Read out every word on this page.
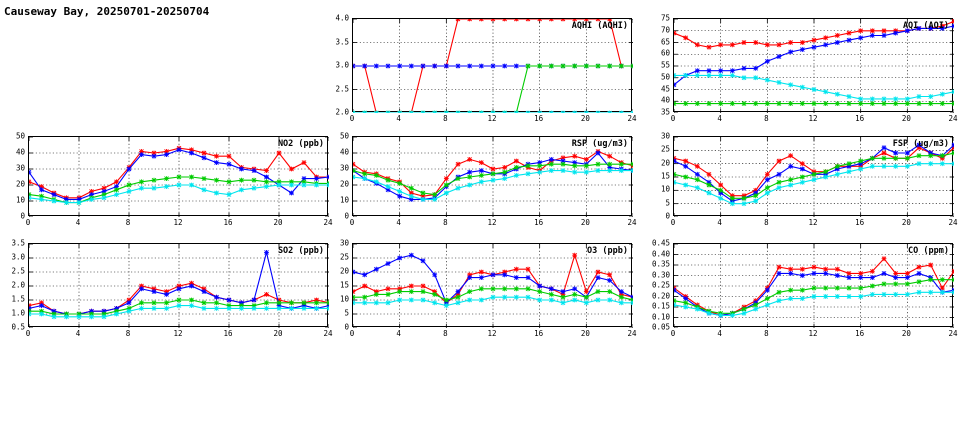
Causeway Bay, 20250701-20250704
AQHI (AQHI)
2.0
2.5
3.0
3.5
4.0
0	4	8	12	16	20	24
AQI (AQI)
35
40
45
50
55
60
65
70
75
0	4	8	12	16	20	24
NO2 (ppb)
0
10
20
30
40
50
0	4	8	12	16	20	24
RSP (ug/m3)
0
10
20
30
40
50
0	4	8	12	16	20	24
FSP (ug/m3)
0
5
10
15
20
25
30
0	4	8	12	16	20	24
SO2 (ppb)
0.5
1.0
1.5
2.0
2.5
3.0
3.5
0	4	8	12	16	20	24
O3 (ppb)
0
5
10
15
20
25
30
0	4	8	12	16	20	24
CO (ppm)
0.05
0.10
0.15
0.20
0.25
0.30
0.35
0.40
0.45
0	4	8	12	16	20	24
